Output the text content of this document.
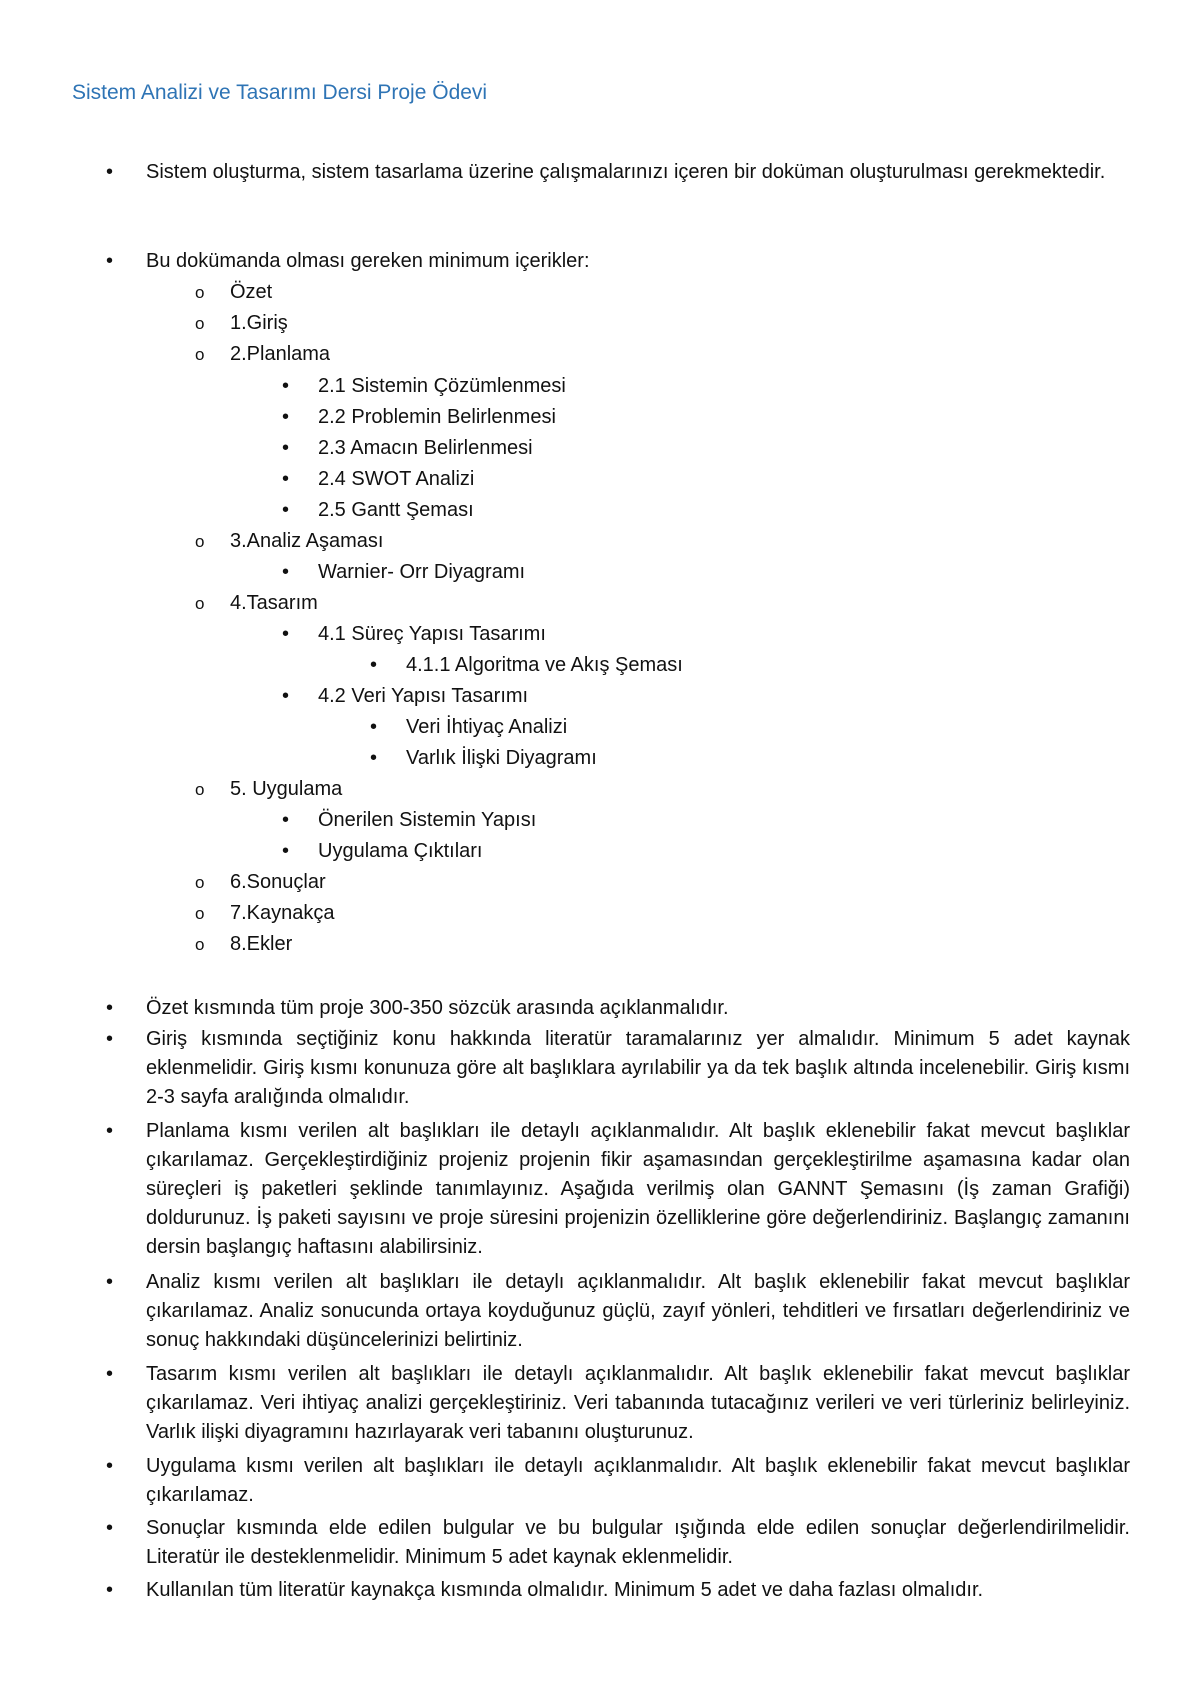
Sistem Analizi ve Tasarımı Dersi Proje Ödevi
• Sistem oluşturma, sistem tasarlama üzerine çalışmalarınızı içeren bir doküman oluşturulması gerekmektedir.

• Bu dokümanda olması gereken minimum içerikler:

o Özet

o 1.Giriş

o 2.Planlama

• 2.1 Sistemin Çözümlenmesi

• 2.2 Problemin Belirlenmesi

• 2.3 Amacın Belirlenmesi

• 2.4 SWOT Analizi

• 2.5 Gantt Şeması

o 3.Analiz Aşaması

• Warnier- Orr Diyagramı

o 4.Tasarım

• 4.1 Süreç Yapısı Tasarımı

• 4.1.1 Algoritma ve Akış Şeması

• 4.2 Veri Yapısı Tasarımı

• Veri İhtiyaç Analizi

• Varlık İlişki Diyagramı

o 5. Uygulama

• Önerilen Sistemin Yapısı

• Uygulama Çıktıları

o 6.Sonuçlar

o 7.Kaynakça

o 8.Ekler

• Özet kısmında tüm proje 300-350 sözcük arasında açıklanmalıdır.

• Giriş kısmında seçtiğiniz konu hakkında literatür taramalarınız yer almalıdır. Minimum 5 adet kaynak eklenmelidir. Giriş kısmı konunuza göre alt başlıklara ayrılabilir ya da tek başlık altında incelenebilir. Giriş kısmı 2-3 sayfa aralığında olmalıdır.

• Planlama kısmı verilen alt başlıkları ile detaylı açıklanmalıdır. Alt başlık eklenebilir fakat mevcut başlıklar çıkarılamaz. Gerçekleştirdiğiniz projeniz projenin fikir aşamasından gerçekleştirilme aşamasına kadar olan süreçleri iş paketleri şeklinde tanımlayınız. Aşağıda verilmiş olan GANNT Şemasını (İş zaman Grafiği) doldurunuz. İş paketi sayısını ve proje süresini projenizin özelliklerine göre değerlendiriniz. Başlangıç zamanını dersin başlangıç haftasını alabilirsiniz.

• Analiz kısmı verilen alt başlıkları ile detaylı açıklanmalıdır. Alt başlık eklenebilir fakat mevcut başlıklar çıkarılamaz. Analiz sonucunda ortaya koyduğunuz güçlü, zayıf yönleri, tehditleri ve fırsatları değerlendiriniz ve sonuç hakkındaki düşüncelerinizi belirtiniz.

• Tasarım kısmı verilen alt başlıkları ile detaylı açıklanmalıdır. Alt başlık eklenebilir fakat mevcut başlıklar çıkarılamaz. Veri ihtiyaç analizi gerçekleştiriniz. Veri tabanında tutacağınız verileri ve veri türleriniz belirleyiniz. Varlık ilişki diyagramını hazırlayarak veri tabanını oluşturunuz.

• Uygulama kısmı verilen alt başlıkları ile detaylı açıklanmalıdır. Alt başlık eklenebilir fakat mevcut başlıklar çıkarılamaz.

• Sonuçlar kısmında elde edilen bulgular ve bu bulgular ışığında elde edilen sonuçlar değerlendirilmelidir. Literatür ile desteklenmelidir. Minimum 5 adet kaynak eklenmelidir.

• Kullanılan tüm literatür kaynakça kısmında olmalıdır. Minimum 5 adet ve daha fazlası olmalıdır.
